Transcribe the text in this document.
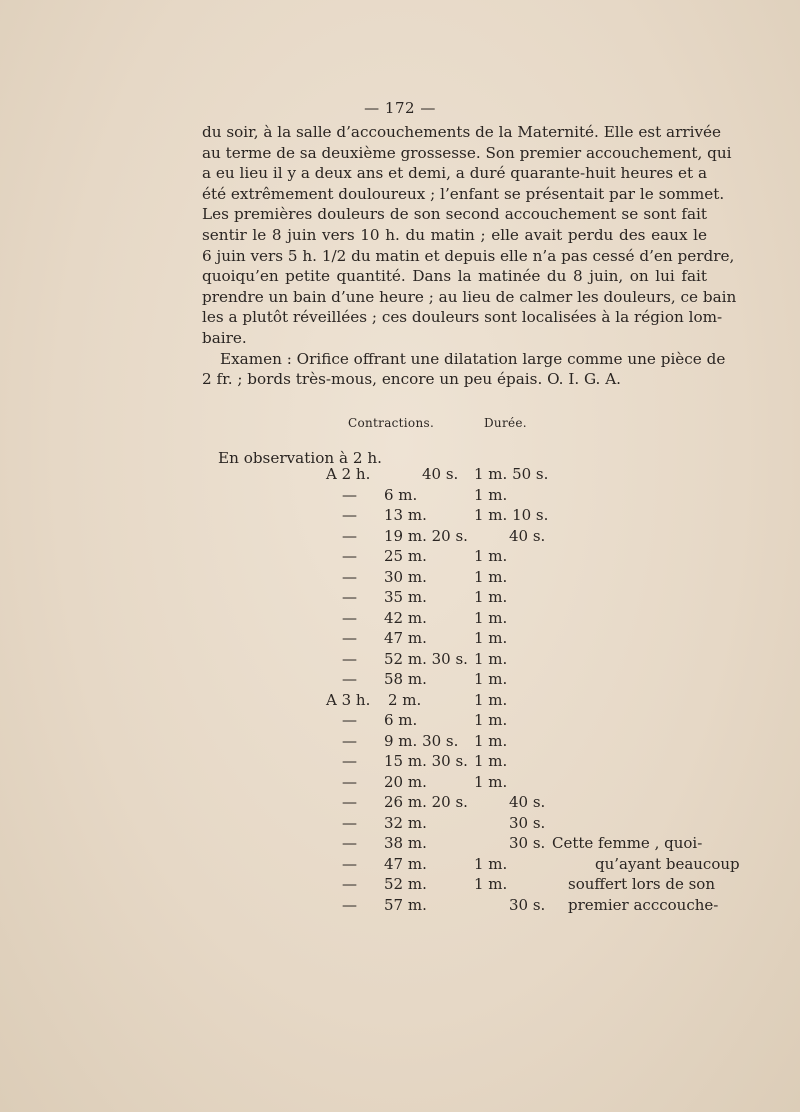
— 172 —
du soir, à la salle d’accouchements de la Maternité. Elle est arrivée
au terme de sa deuxième grossesse. Son premier accouchement, qui
a eu lieu il y a deux ans et demi, a duré quarante-huit heures et a
été extrêmement douloureux ; l’enfant se présentait par le sommet.
Les premières douleurs de son second accouchement se sont fait
sentir le 8 juin vers 10 h. du matin ; elle avait perdu des eaux le
6 juin vers 5 h. 1/2 du matin et depuis elle n’a pas cessé d’en perdre,
quoiqu’en petite quantité. Dans la matinée du 8 juin, on lui fait
prendre un bain d’une heure ; au lieu de calmer les douleurs, ce bain
les a plutôt réveillées ; ces douleurs sont localisées à la région lom-
baire.
Examen : Orifice offrant une dilatation large comme une pièce de
2 fr. ; bords très-mous, encore un peu épais. O. I. G. A.
Contractions.	Durée.
En observation à 2 h.
A 2 h.	40 s. 1 m. 50 s.
— 6 m.	1 m.
— 13 m.	1 m. 10 s.
— 19 m. 20 s.	40 s.
— 25 m.	1 m.
— 30 m.	1 m.
— 35 m.	1 m.
— 42 m.	1 m.
— 47 m.	1 m.
— 52 m. 30 s. 1 m.
— 58 m.	1 m.
A 3 h. 2 m.	1 m.
— 6 m.	1 m.
— 9 m. 30 s. 1 m.
— 15 m. 30 s. 1 m.
— 20 m.	1 m.
— 26 m. 20 s.	40 s.
— 32 m.	30 s.
— 38 m.	30 s.
— 47 m.	1 m.
— 52 m.	1 m.
— 57 m.	30 s.
Cette femme , quoi-
qu’ayant beaucoup
souffert lors de son
premier acccouche-
